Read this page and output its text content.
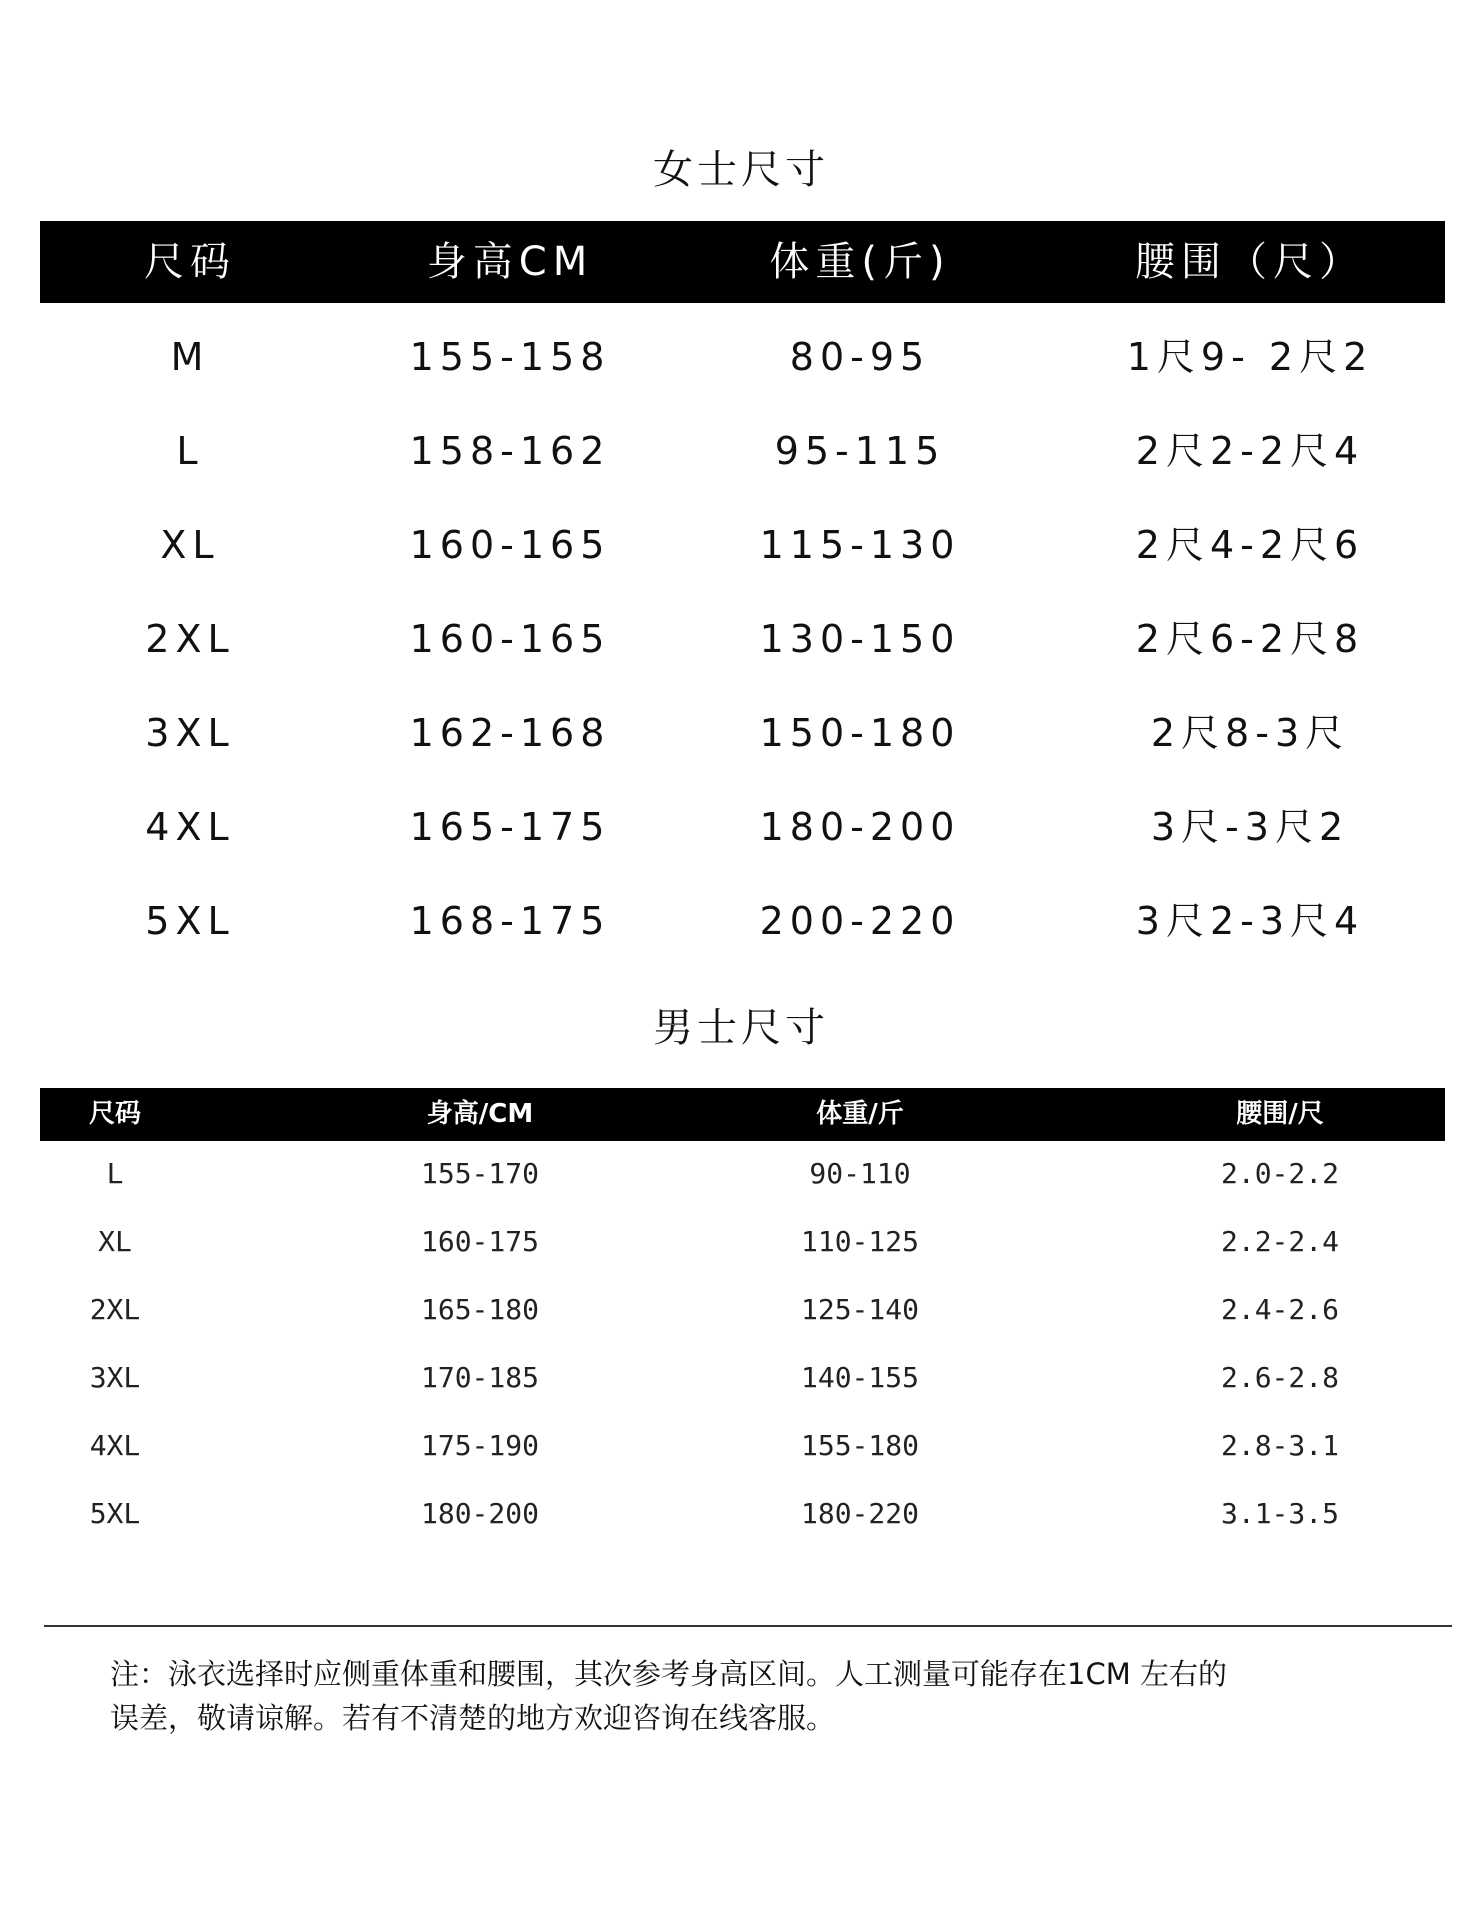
女士尺寸
尺码	身高CM	体重(斤)	腰围（尺）
M	155-158	80-95	1尺9- 2尺2
L	158-162	95-115	2尺2-2尺4
XL	160-165	115-130	2尺4-2尺6
2XL	160-165	130-150	2尺6-2尺8
3XL	162-168	150-180	2尺8-3尺
4XL	165-175	180-200	3尺-3尺2
5XL	168-175	200-220	3尺2-3尺4
男士尺寸
尺码	身高/CM	体重/斤	腰围/尺
L	155-170	90-110	2.0-2.2
XL	160-175	110-125	2.2-2.4
2XL	165-180	125-140	2.4-2.6
3XL	170-185	140-155	2.6-2.8
4XL	175-190	155-180	2.8-3.1
5XL	180-200	180-220	3.1-3.5
注：泳衣选择时应侧重体重和腰围，其次参考身高区间。人工测量可能存在1CM 左右的
误差，敬请谅解。若有不清楚的地方欢迎咨询在线客服。
